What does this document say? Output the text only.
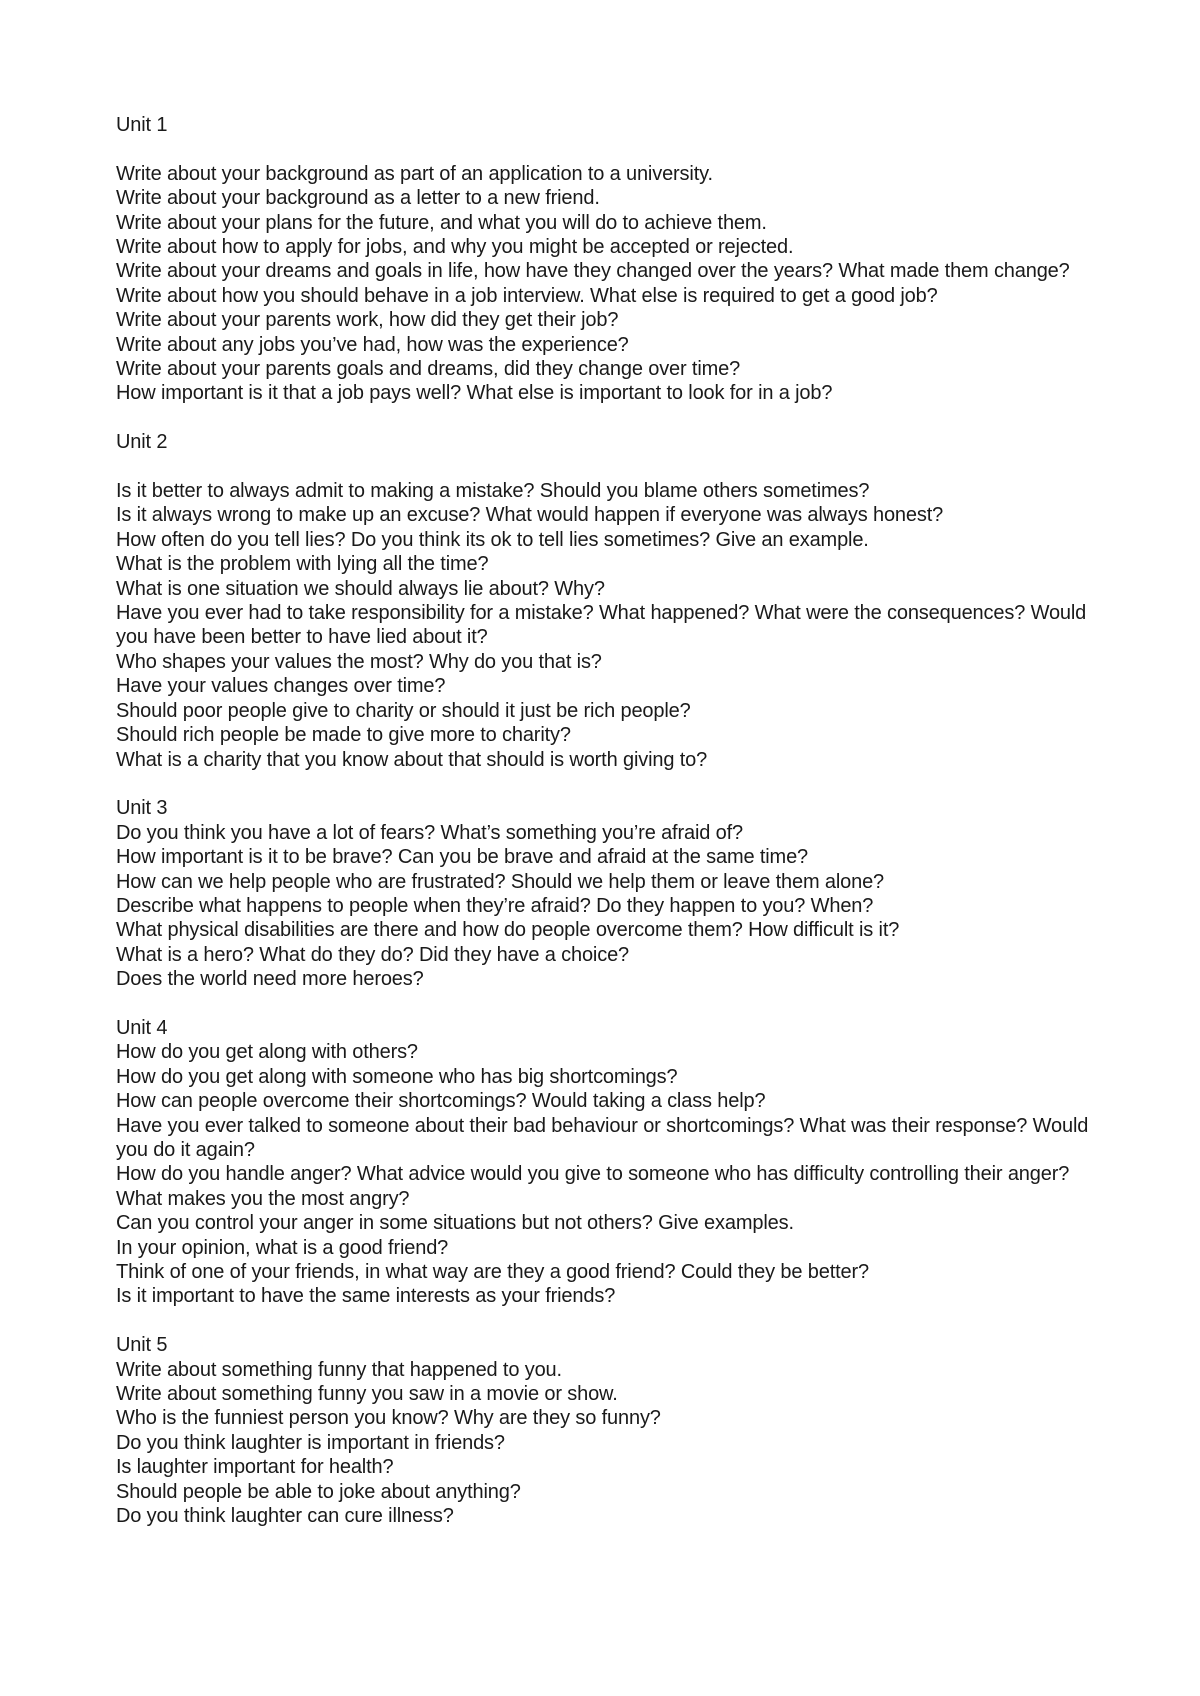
Unit 1
Write about your background as part of an application to a university.
Write about your background as a letter to a new friend.
Write about your plans for the future, and what you will do to achieve them.
Write about how to apply for jobs, and why you might be accepted or rejected.
Write about your dreams and goals in life, how have they changed over the years? What made them change?
Write about how you should behave in a job interview. What else is required to get a good job?
Write about your parents work, how did they get their job?
Write about any jobs you’ve had, how was the experience?
Write about your parents goals and dreams, did they change over time?
How important is it that a job pays well? What else is important to look for in a job?
Unit 2
Is it better to always admit to making a mistake? Should you blame others sometimes?
Is it always wrong to make up an excuse? What would happen if everyone was always honest?
How often do you tell lies? Do you think its ok to tell lies sometimes? Give an example.
What is the problem with lying all the time?
What is one situation we should always lie about? Why?
Have you ever had to take responsibility for a mistake? What happened? What were the consequences? Would you have been better to have lied about it?
Who shapes your values the most? Why do you that is?
Have your values changes over time?
Should poor people give to charity or should it just be rich people?
Should rich people be made to give more to charity?
What is a charity that you know about that should is worth giving to?
Unit 3
Do you think you have a lot of fears? What’s something you’re afraid of?
How important is it to be brave? Can you be brave and afraid at the same time?
How can we help people who are frustrated? Should we help them or leave them alone?
Describe what happens to people when they’re afraid? Do they happen to you? When?
What physical disabilities are there and how do people overcome them? How difficult is it?
What is a hero? What do they do? Did they have a choice?
Does the world need more heroes?
Unit 4
How do you get along with others?
How do you get along with someone who has big shortcomings?
How can people overcome their shortcomings? Would taking a class help?
Have you ever talked to someone about their bad behaviour or shortcomings? What was their response? Would you do it again?
How do you handle anger? What advice would you give to someone who has difficulty controlling their anger?
What makes you the most angry?
Can you control your anger in some situations but not others? Give examples.
In your opinion, what is a good friend?
Think of one of your friends, in what way are they a good friend? Could they be better?
Is it important to have the same interests as your friends?
Unit 5
Write about something funny that happened to you.
Write about something funny you saw in a movie or show.
Who is the funniest person you know? Why are they so funny?
Do you think laughter is important in friends?
Is laughter important for health?
Should people be able to joke about anything?
Do you think laughter can cure illness?
